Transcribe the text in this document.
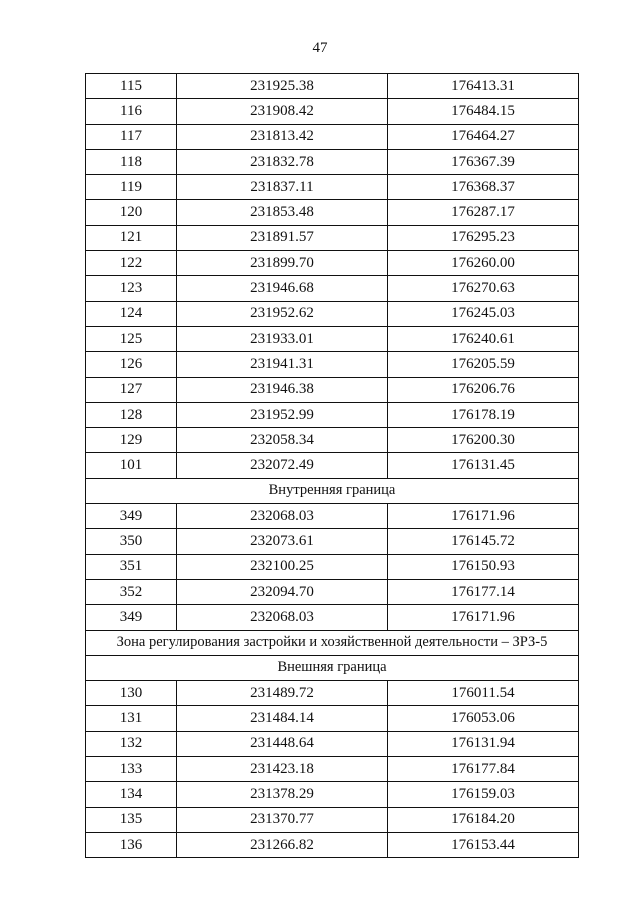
47
115	231925.38	176413.31
116	231908.42	176484.15
117	231813.42	176464.27
118	231832.78	176367.39
119	231837.11	176368.37
120	231853.48	176287.17
121	231891.57	176295.23
122	231899.70	176260.00
123	231946.68	176270.63
124	231952.62	176245.03
125	231933.01	176240.61
126	231941.31	176205.59
127	231946.38	176206.76
128	231952.99	176178.19
129	232058.34	176200.30
101	232072.49	176131.45
Внутренняя граница		
349	232068.03	176171.96
350	232073.61	176145.72
351	232100.25	176150.93
352	232094.70	176177.14
349	232068.03	176171.96
Зона регулирования застройки и хозяйственной деятельности – ЗРЗ-5		
Внешняя граница		
130	231489.72	176011.54
131	231484.14	176053.06
132	231448.64	176131.94
133	231423.18	176177.84
134	231378.29	176159.03
135	231370.77	176184.20
136	231266.82	176153.44
